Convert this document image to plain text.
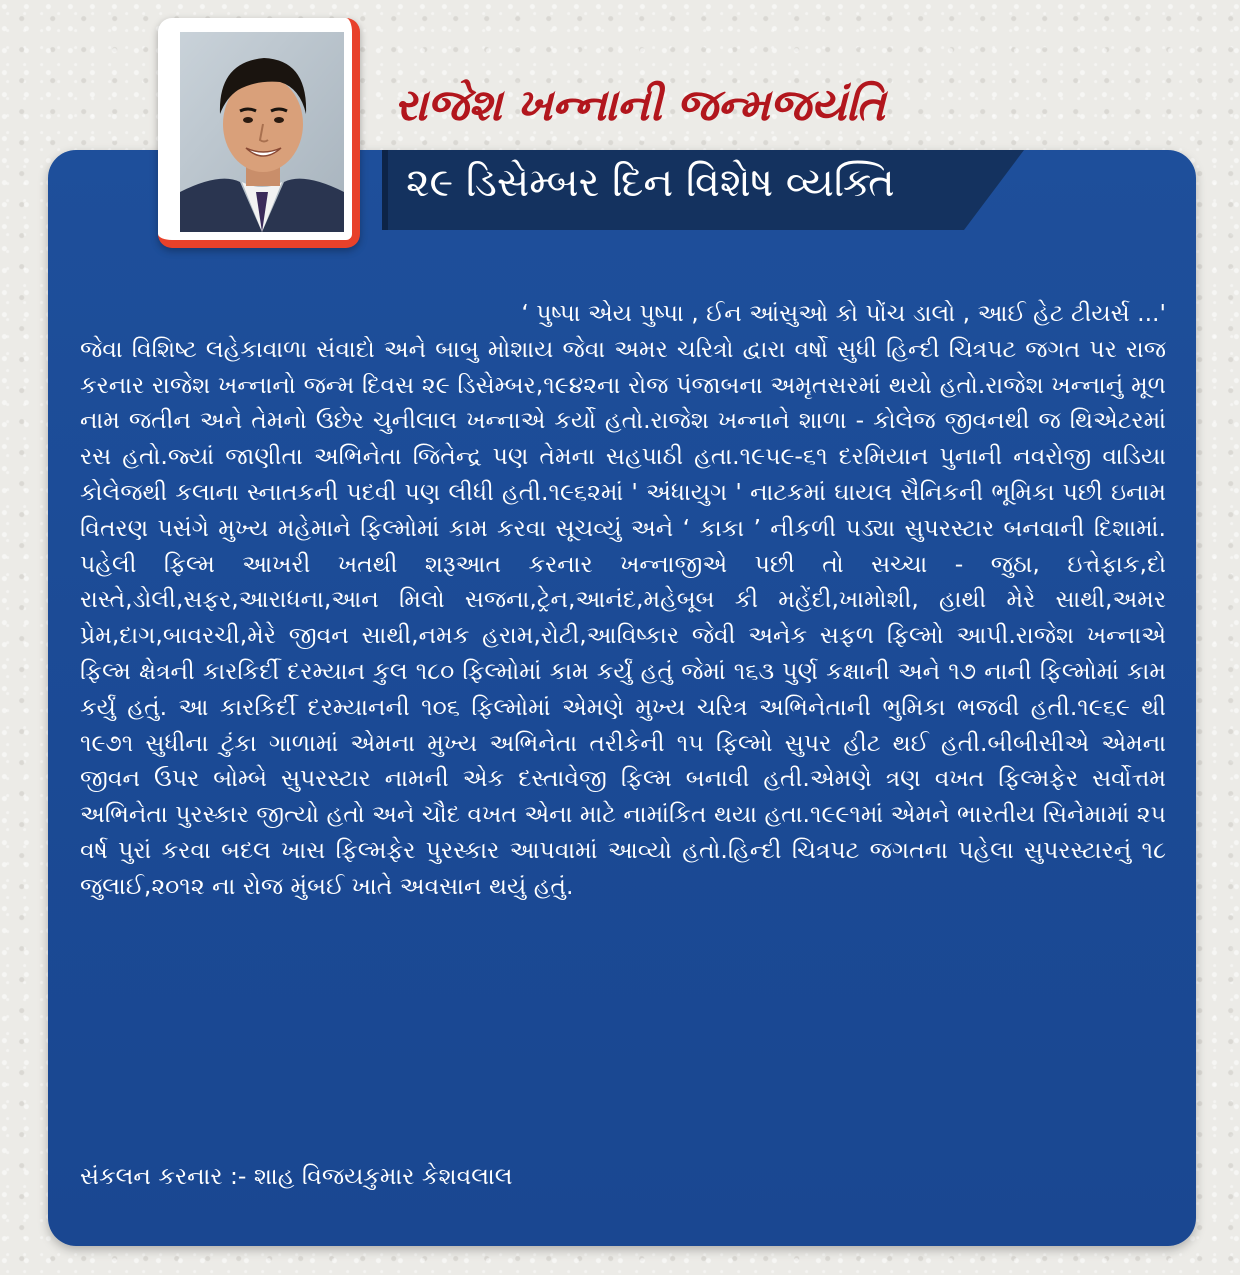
રાજેશ ખન્નાની જન્મજયંતિ
૨૯ ડિસેમ્બર દિન વિશેષ વ્યક્તિ
‘ પુષ્પા એય પુષ્પા , ઈન આંસુઓ કો પોંચ ડાલો , આઈ હેટ ટીયર્સ ...'
જેવા વિશિષ્ટ લહેકાવાળા સંવાદો અને બાબુ મોશાય જેવા અમર ચરિત્રો દ્વારા વર્ષો સુધી હિન્દી ચિત્રપટ જગત પર રાજ કરનાર રાજેશ ખન્નાનો જન્મ દિવસ ૨૯ ડિસેમ્બર,૧૯૪૨ના રોજ પંજાબના અમૃતસરમાં થયો હતો.રાજેશ ખન્નાનું મૂળ નામ જતીન અને તેમનો ઉછેર ચુનીલાલ ખન્નાએ કર્યો હતો.રાજેશ ખન્નાને શાળા - કોલેજ જીવનથી જ થિએટરમાં રસ હતો.જ્યાં જાણીતા અભિનેતા જિતેન્દ્ર પણ તેમના સહપાઠી હતા.૧૯૫૯-૬૧ દરમિયાન પુનાની નવરોજી વાડિયા કોલેજથી કલાના સ્નાતકની પદવી પણ લીધી હતી.૧૯૬૨માં ' અંધાયુગ ' નાટકમાં ઘાયલ સૈનિકની ભૂમિકા પછી ઇનામ વિતરણ પસંગે મુખ્ય મહેમાને ફિલ્મોમાં કામ કરવા સૂચવ્યું અને ‘ કાકા ’ નીકળી પડ્યા સુપરસ્ટાર બનવાની દિશામાં. પહેલી ફિલ્મ આખરી ખતથી શરૂઆત કરનાર ખન્નાજીએ પછી તો સચ્ચા - જુઠા, ઇત્તેફાક,દો રાસ્તે,ડોલી,સફર,આરાધના,આન મિલો સજના,ટ્રેન,આનંદ,મહેબૂબ કી મહેંદી,ખામોશી, હાથી મેરે સાથી,અમર પ્રેમ,દાગ,બાવરચી,મેરે જીવન સાથી,નમક હરામ,રોટી,આવિષ્કાર જેવી અનેક સફળ ફિલ્મો આપી.રાજેશ ખન્નાએ ફિલ્મ ક્ષેત્રની કારકિર્દી દરમ્યાન કુલ ૧૮૦ ફિલ્મોમાં કામ કર્યું હતું જેમાં ૧૬૩ પુર્ણ કક્ષાની અને ૧૭ નાની ફિલ્મોમાં કામ કર્યું હતું. આ કારકિર્દી દરમ્યાનની ૧૦૬ ફિલ્મોમાં એમણે મુખ્ય ચરિત્ર અભિનેતાની ભુમિકા ભજવી હતી.૧૯૬૯ થી ૧૯૭૧ સુધીના ટુંકા ગાળામાં એમના મુખ્ય અભિનેતા તરીકેની ૧૫ ફિલ્મો સુપર હીટ થઈ હતી.બીબીસીએ એમના જીવન ઉપર બોમ્બે સુપરસ્ટાર નામની એક દસ્તાવેજી ફિલ્મ બનાવી હતી.એમણે ત્રણ વખત ફિલ્મફેર સર્વોત્તમ અભિનેતા પુરસ્કાર જીત્યો હતો અને ચૌદ વખત એના માટે નામાંકિત થયા હતા.૧૯૯૧માં એમને ભારતીય સિનેમામાં ૨૫ વર્ષ પુરાં કરવા બદલ ખાસ ફિલ્મફેર પુરસ્કાર આપવામાં આવ્યો હતો.હિન્દી ચિત્રપટ જગતના પહેલા સુપરસ્ટારનું ૧૮ જુલાઈ,૨૦૧૨ ના રોજ મુંબઈ ખાતે અવસાન થયું હતું.
સંકલન કરનાર :- શાહ વિજયકુમાર કેશવલાલ
